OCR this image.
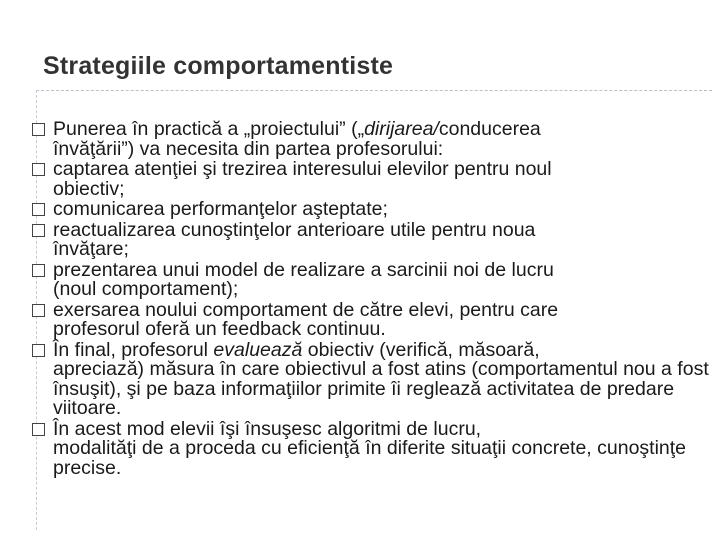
Strategiile comportamentiste
Punerea în practică a „proiectului” („dirijarea/conducerea
învăţării”) va necesita din partea profesorului:
captarea atenţiei şi trezirea interesului elevilor pentru noul
obiectiv;
comunicarea performanţelor aşteptate;
reactualizarea cunoştinţelor anterioare utile pentru noua
învăţare;
prezentarea unui model de realizare a sarcinii noi de lucru
(noul comportament);
exersarea noului comportament de către elevi, pentru care
profesorul oferă un feedback continuu.
În final, profesorul evaluează obiectiv (verifică, măsoară,
apreciază) măsura în care obiectivul a fost atins (comportamentul nou a fost însuşit), şi pe baza informaţiilor primite îi reglează activitatea de predare viitoare.
În acest mod elevii îşi însuşesc algoritmi de lucru,
modalităţi de a proceda cu eficienţă în diferite situaţii concrete, cunoştinţe precise.
